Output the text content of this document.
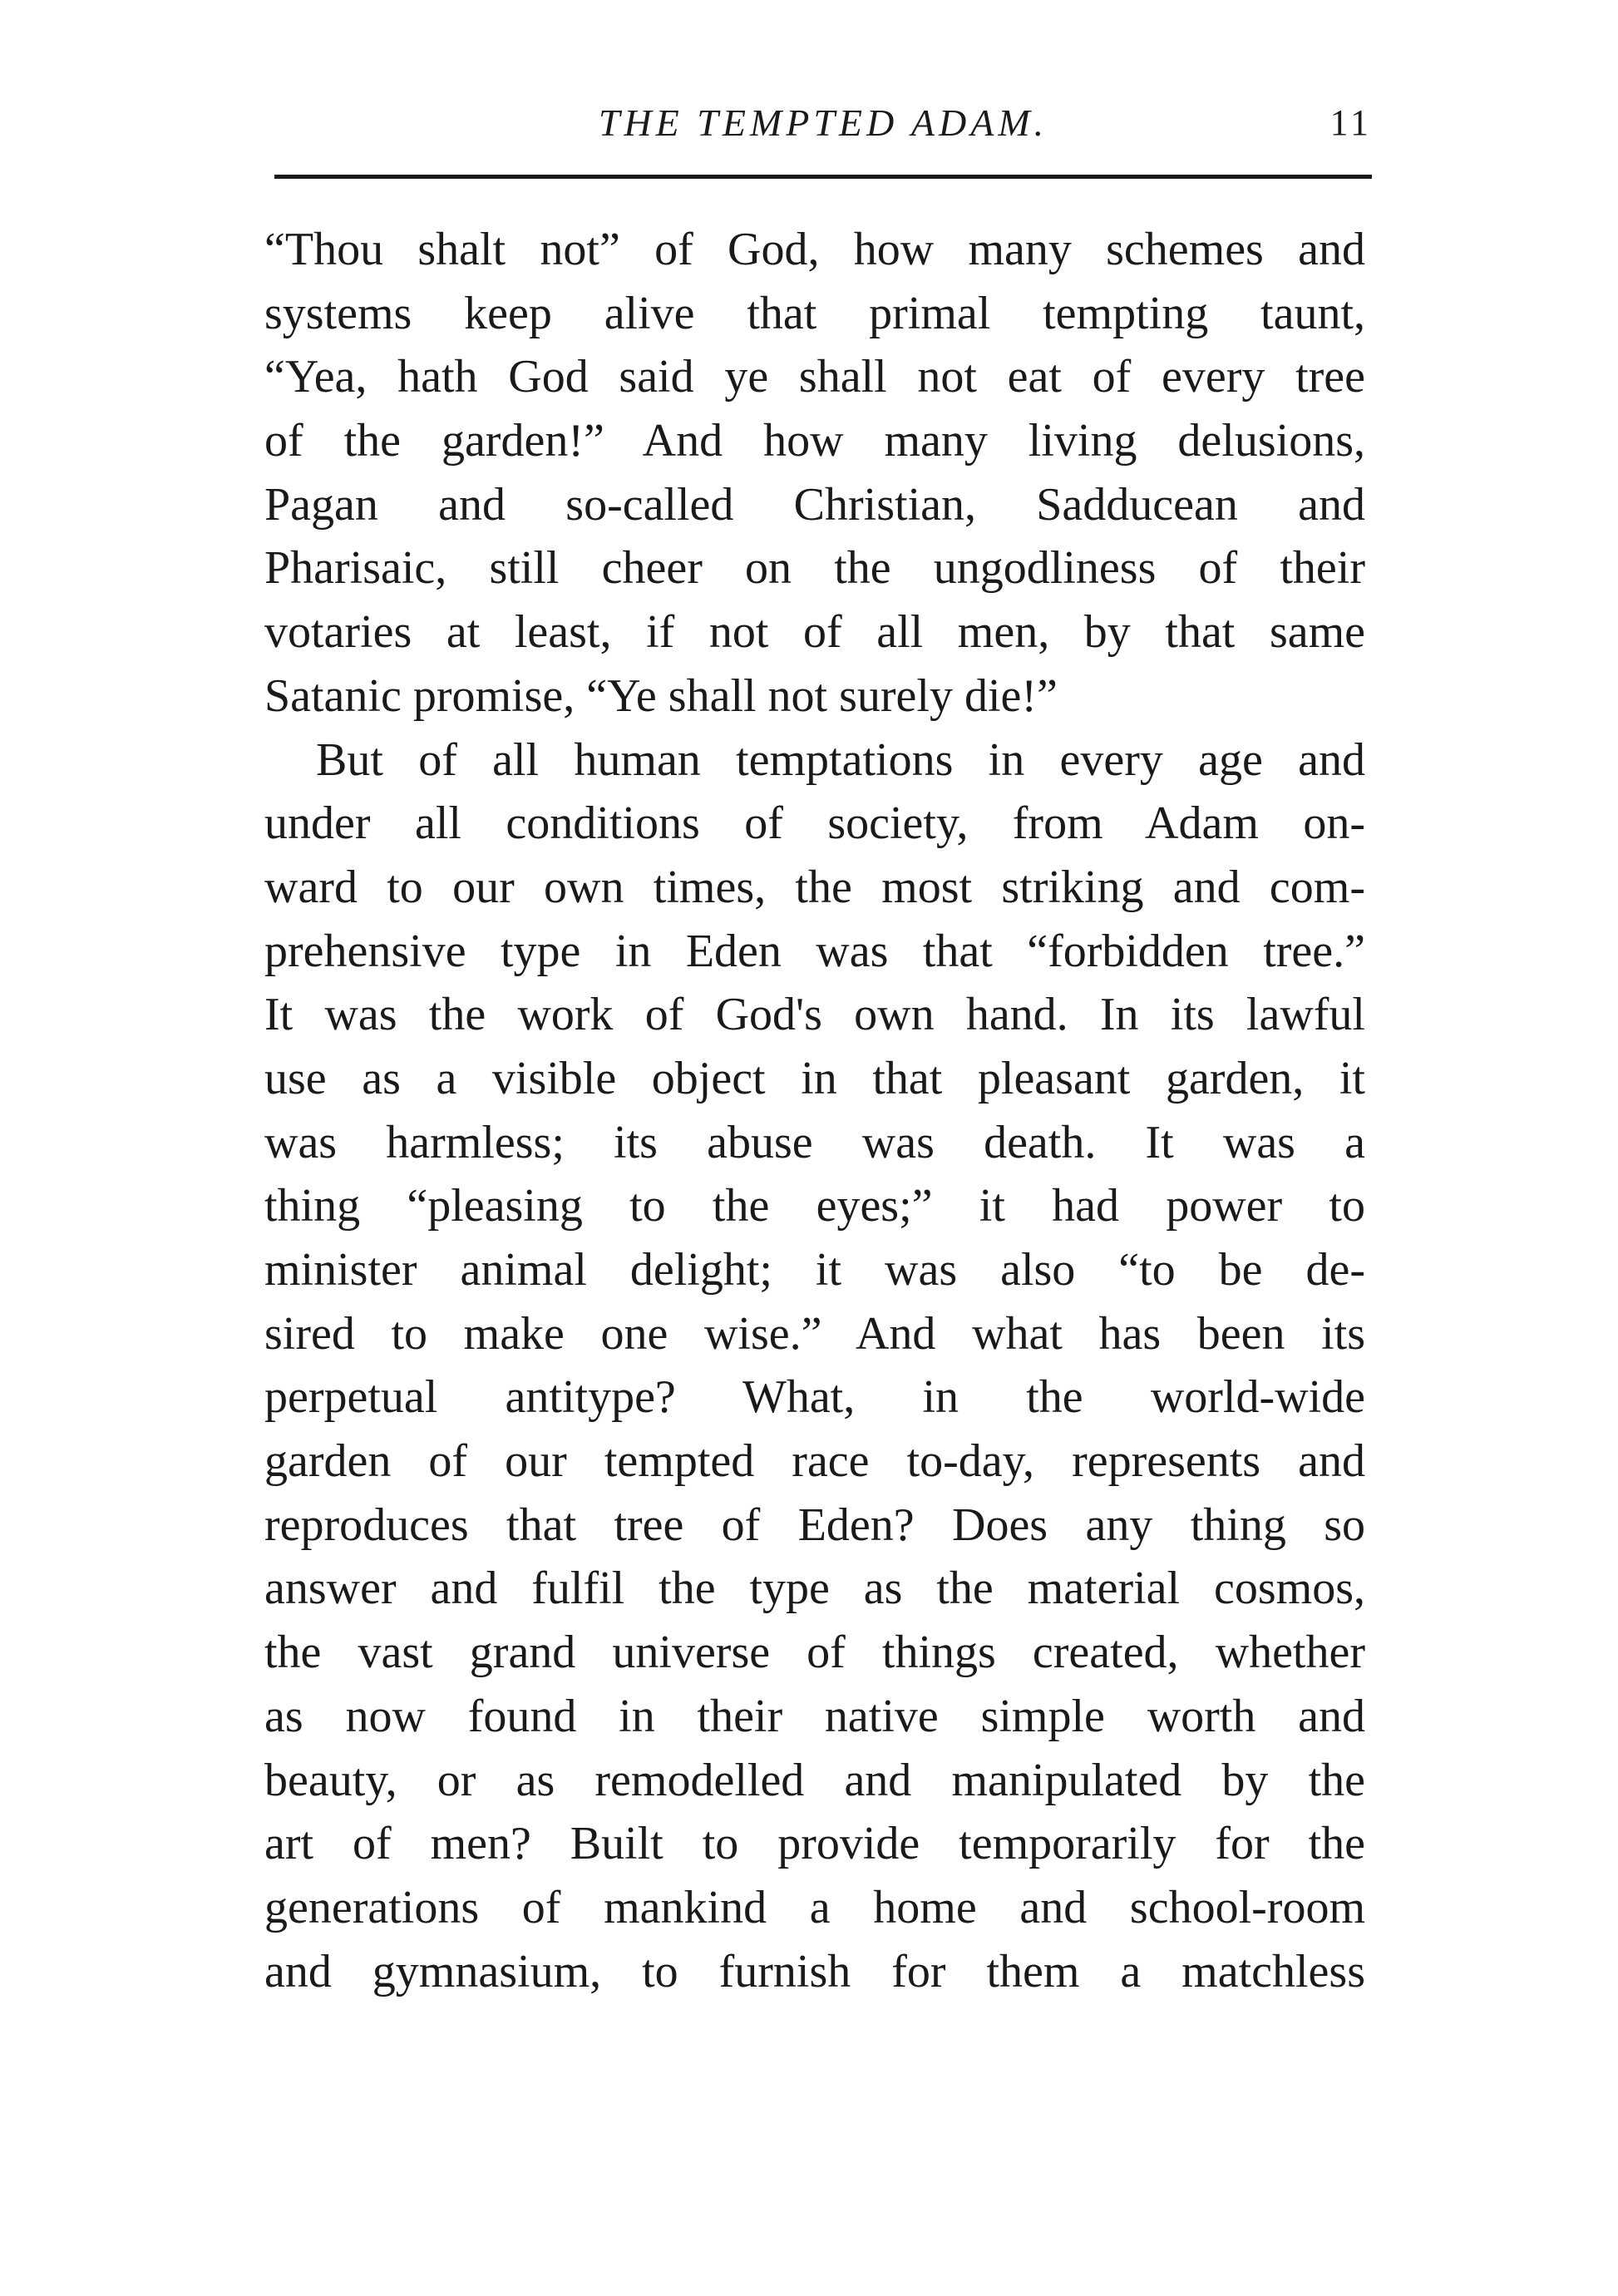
THE TEMPTED ADAM.	11
“Thou shalt not” of God, how many schemes and
systems keep alive that primal tempting taunt,
“Yea, hath God said ye shall not eat of every tree
of the garden!” And how many living delusions,
Pagan and so-called Christian, Sadducean and
Pharisaic, still cheer on the ungodliness of their
votaries at least, if not of all men, by that same
Satanic promise, “Ye shall not surely die!”
But of all human temptations in every age and
under all conditions of society, from Adam on-
ward to our own times, the most striking and com-
prehensive type in Eden was that “forbidden tree.”
It was the work of God's own hand. In its lawful
use as a visible object in that pleasant garden, it
was harmless; its abuse was death. It was a
thing “pleasing to the eyes;” it had power to
minister animal delight; it was also “to be de-
sired to make one wise.” And what has been its
perpetual antitype? What, in the world-wide
garden of our tempted race to-day, represents and
reproduces that tree of Eden? Does any thing so
answer and fulfil the type as the material cosmos,
the vast grand universe of things created, whether
as now found in their native simple worth and
beauty, or as remodelled and manipulated by the
art of men? Built to provide temporarily for the
generations of mankind a home and school-room
and gymnasium, to furnish for them a matchless
